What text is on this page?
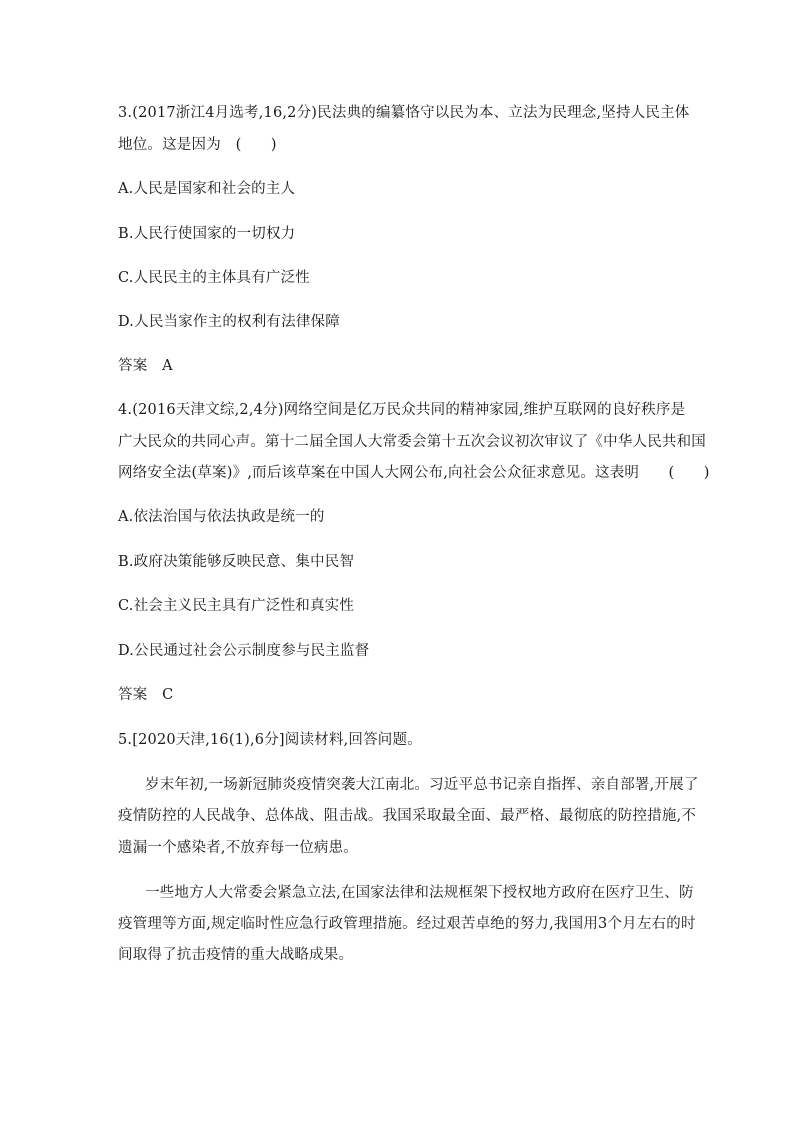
3.(2017浙江4月选考,16,2分)民法典的编纂恪守以民为本、立法为民理念,坚持人民主体
地位。这是因为　(　　)
A.人民是国家和社会的主人
B.人民行使国家的一切权力
C.人民民主的主体具有广泛性
D.人民当家作主的权利有法律保障
答案　A
4.(2016天津文综,2,4分)网络空间是亿万民众共同的精神家园,维护互联网的良好秩序是
广大民众的共同心声。第十二届全国人大常委会第十五次会议初次审议了《中华人民共和国
网络安全法(草案)》,而后该草案在中国人大网公布,向社会公众征求意见。这表明　　(　　)
A.依法治国与依法执政是统一的
B.政府决策能够反映民意、集中民智
C.社会主义民主具有广泛性和真实性
D.公民通过社会公示制度参与民主监督
答案　C
5.[2020天津,16(1),6分]阅读材料,回答问题。
岁末年初,一场新冠肺炎疫情突袭大江南北。习近平总书记亲自指挥、亲自部署,开展了
疫情防控的人民战争、总体战、阻击战。我国采取最全面、最严格、最彻底的防控措施,不
遗漏一个感染者,不放弃每一位病患。
一些地方人大常委会紧急立法,在国家法律和法规框架下授权地方政府在医疗卫生、防
疫管理等方面,规定临时性应急行政管理措施。经过艰苦卓绝的努力,我国用3个月左右的时
间取得了抗击疫情的重大战略成果。
